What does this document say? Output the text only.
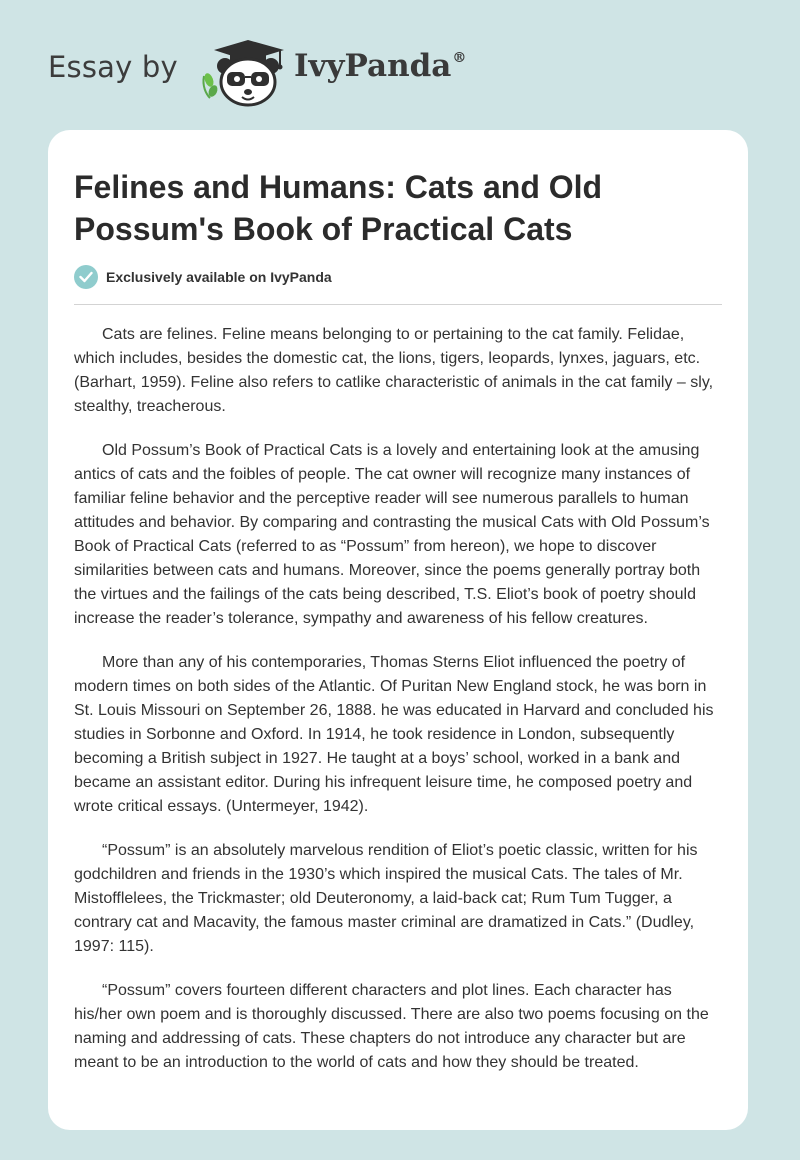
Essay by	IvyPanda®
Felines and Humans: Cats and Old Possum's Book of Practical Cats
Exclusively available on IvyPanda

Cats are felines. Feline means belonging to or pertaining to the cat family. Felidae, which includes, besides the domestic cat, the lions, tigers, leopards, lynxes, jaguars, etc. (Barhart, 1959). Feline also refers to catlike characteristic of animals in the cat family – sly, stealthy, treacherous.

Old Possum’s Book of Practical Cats is a lovely and entertaining look at the amusing antics of cats and the foibles of people. The cat owner will recognize many instances of familiar feline behavior and the perceptive reader will see numerous parallels to human attitudes and behavior. By comparing and contrasting the musical Cats with Old Possum’s Book of Practical Cats (referred to as “Possum” from hereon), we hope to discover similarities between cats and humans. Moreover, since the poems generally portray both the virtues and the failings of the cats being described, T.S. Eliot’s book of poetry should increase the reader’s tolerance, sympathy and awareness of his fellow creatures.

More than any of his contemporaries, Thomas Sterns Eliot influenced the poetry of modern times on both sides of the Atlantic. Of Puritan New England stock, he was born in St. Louis Missouri on September 26, 1888. he was educated in Harvard and concluded his studies in Sorbonne and Oxford. In 1914, he took residence in London, subsequently becoming a British subject in 1927. He taught at a boys’ school, worked in a bank and became an assistant editor. During his infrequent leisure time, he composed poetry and wrote critical essays. (Untermeyer, 1942).

“Possum” is an absolutely marvelous rendition of Eliot’s poetic classic, written for his godchildren and friends in the 1930’s which inspired the musical Cats. The tales of Mr. Mistofflelees, the Trickmaster; old Deuteronomy, a laid-back cat; Rum Tum Tugger, a contrary cat and Macavity, the famous master criminal are dramatized in Cats.” (Dudley, 1997: 115).

“Possum” covers fourteen different characters and plot lines. Each character has his/her own poem and is thoroughly discussed. There are also two poems focusing on the naming and addressing of cats. These chapters do not introduce any character but are meant to be an introduction to the world of cats and how they should be treated.
